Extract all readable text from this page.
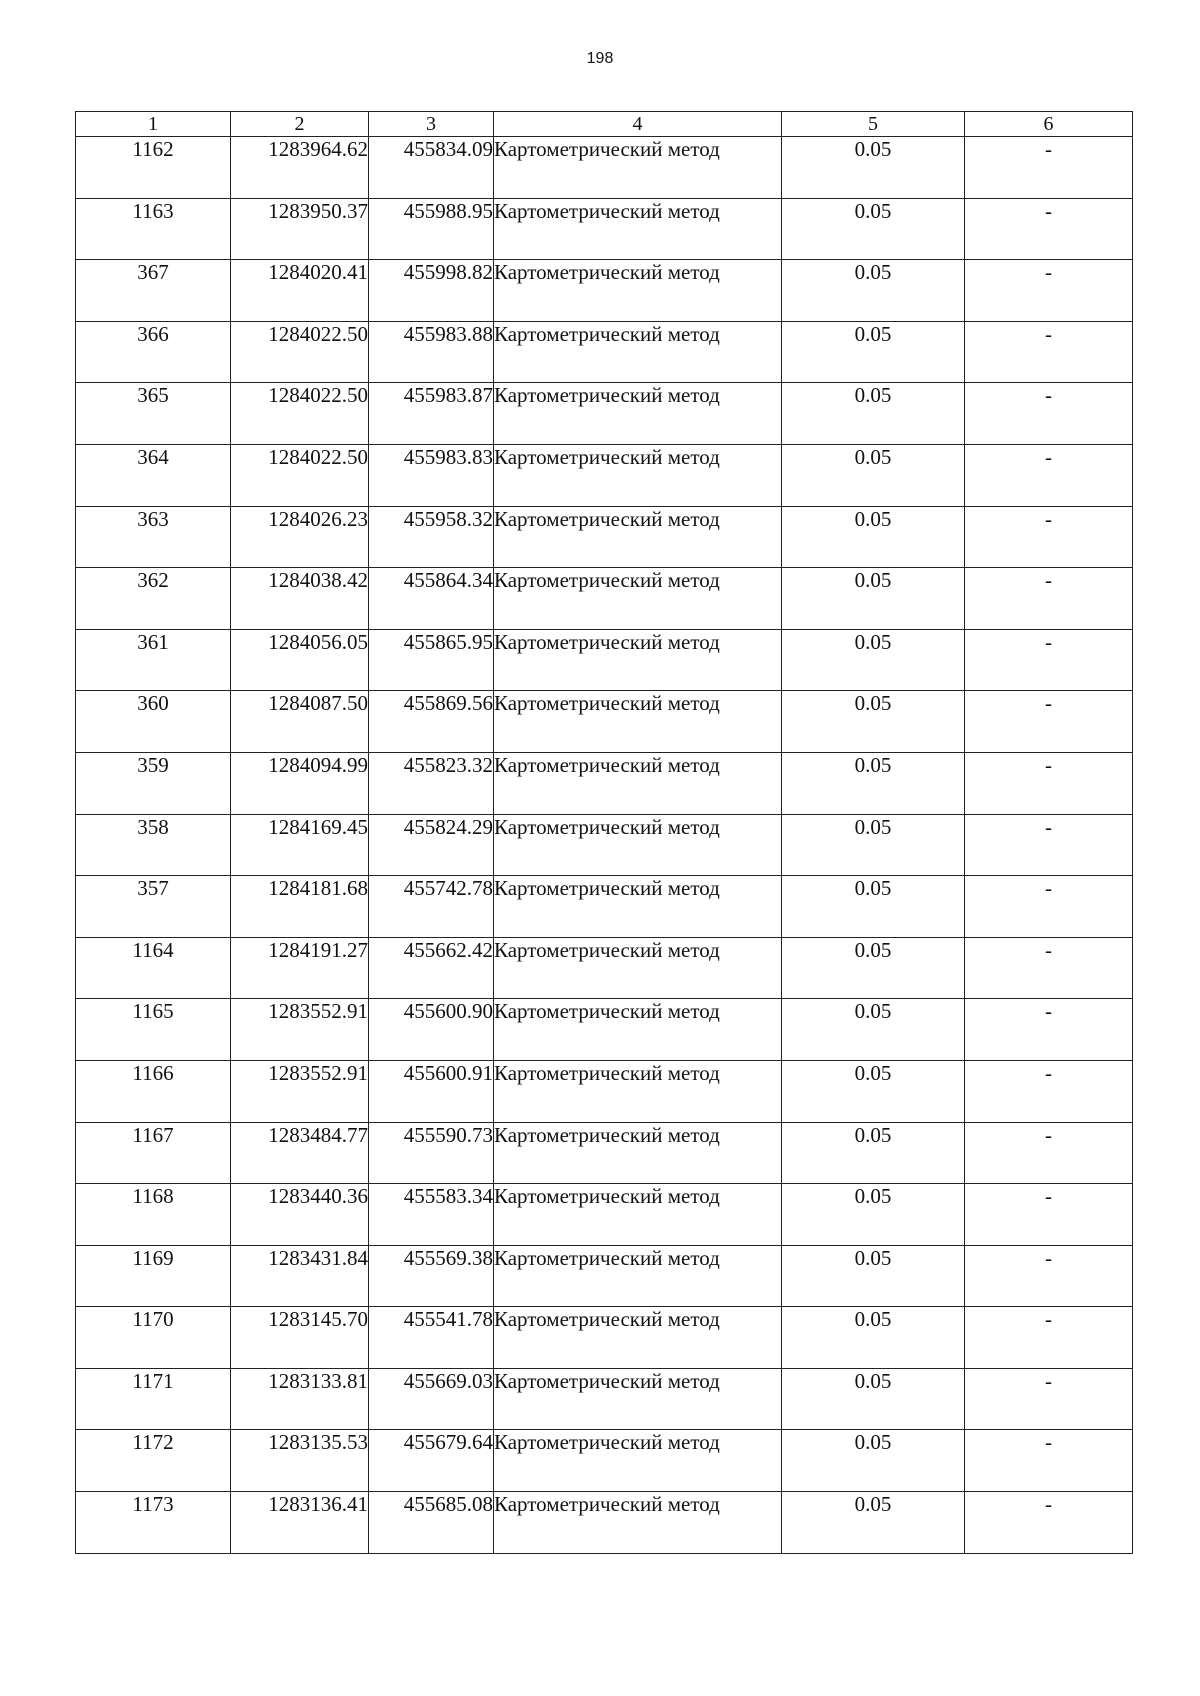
198
1	2	3	4	5	6
1162	1283964.62	455834.09	Картометрический метод	0.05	-
1163	1283950.37	455988.95	Картометрический метод	0.05	-
367	1284020.41	455998.82	Картометрический метод	0.05	-
366	1284022.50	455983.88	Картометрический метод	0.05	-
365	1284022.50	455983.87	Картометрический метод	0.05	-
364	1284022.50	455983.83	Картометрический метод	0.05	-
363	1284026.23	455958.32	Картометрический метод	0.05	-
362	1284038.42	455864.34	Картометрический метод	0.05	-
361	1284056.05	455865.95	Картометрический метод	0.05	-
360	1284087.50	455869.56	Картометрический метод	0.05	-
359	1284094.99	455823.32	Картометрический метод	0.05	-
358	1284169.45	455824.29	Картометрический метод	0.05	-
357	1284181.68	455742.78	Картометрический метод	0.05	-
1164	1284191.27	455662.42	Картометрический метод	0.05	-
1165	1283552.91	455600.90	Картометрический метод	0.05	-
1166	1283552.91	455600.91	Картометрический метод	0.05	-
1167	1283484.77	455590.73	Картометрический метод	0.05	-
1168	1283440.36	455583.34	Картометрический метод	0.05	-
1169	1283431.84	455569.38	Картометрический метод	0.05	-
1170	1283145.70	455541.78	Картометрический метод	0.05	-
1171	1283133.81	455669.03	Картометрический метод	0.05	-
1172	1283135.53	455679.64	Картометрический метод	0.05	-
1173	1283136.41	455685.08	Картометрический метод	0.05	-
